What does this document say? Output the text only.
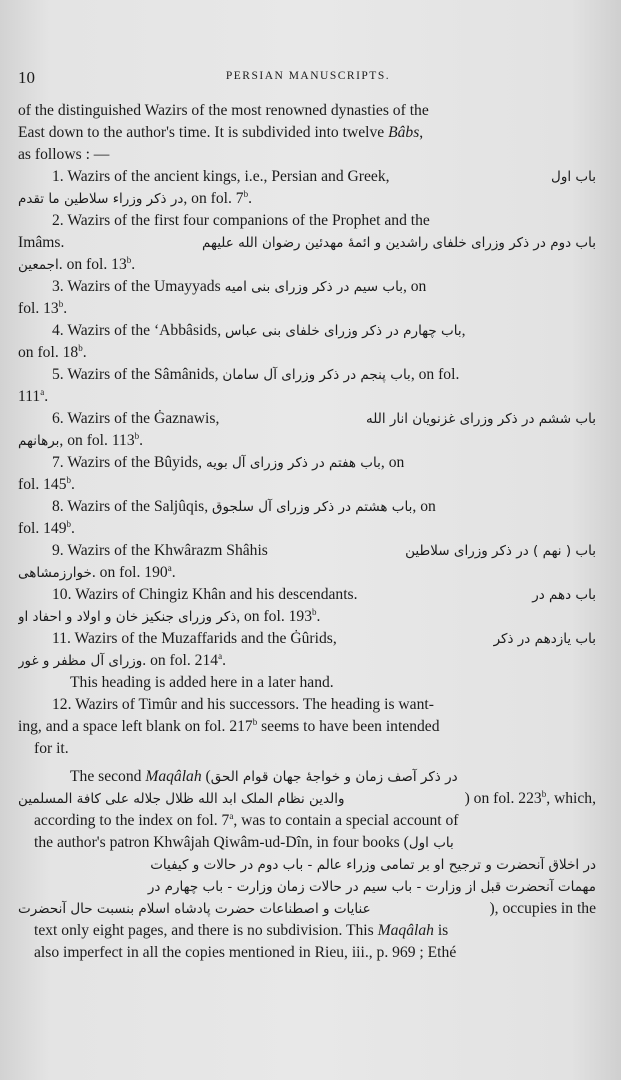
10	PERSIAN MANUSCRIPTS.
of the distinguished Wazirs of the most renowned dynasties of the
East down to the author's time. It is subdivided into twelve Bâbs,
as follows : —
1. Wazirs of the ancient kings, i.e., Persian and Greek,	باب اول
در ذکر وزراء سلاطین ما تقدم, on fol. 7$^b$.
2. Wazirs of the first four companions of the Prophet and the
Imâms.	باب دوم در ذکر وزرای خلفای راشدین و ائمهٔ مهدئین رضوان الله علیهم
اجمعین. on fol. 13$^b$.
3. Wazirs of the Umayyads باب سیم در ذکر وزرای بنی امیه, on
fol. 13$^b$.
4. Wazirs of the ‘Abbâsids, باب چهارم در ذکر وزرای خلفای بنی عباس,
on fol. 18$^b$.
5. Wazirs of the Sâmânids, باب پنجم در ذکر وزرای آل سامان, on fol.
111$^a$.
6. Wazirs of the Ġaznawis,	باب ششم در ذکر وزرای غزنویان انار الله
برهانهم, on fol. 113$^b$.
7. Wazirs of the Bûyids, باب هفتم در ذکر وزرای آل بویه, on
fol. 145$^b$.
8. Wazirs of the Saljûqis, باب هشتم در ذکر وزرای آل سلجوق, on
fol. 149$^b$.
9. Wazirs of the Khwârazm Shâhis	باب ( نهم ) در ذکر وزرای سلاطین
خوارزمشاهی. on fol. 190$^a$.
10. Wazirs of Chingiz Khân and his descendants.	باب دهم در
ذکر وزرای جنکیز خان و اولاد و احفاد او, on fol. 193$^b$.
11. Wazirs of the Muzaffarids and the Ġûrids,	باب یازدهم در ذکر
وزرای آل مظفر و غور. on fol. 214$^a$.
This heading is added here in a later hand.
12. Wazirs of Timûr and his successors. The heading is want-
ing, and a space left blank on fol. 217$^b$ seems to have been intended
for it.
The second Maqâlah (در ذکر آصف زمان و خواجهٔ جهان قوام الحق
والدین نظام الملک ابد الله ظلال جلاله علی کافة المسلمین	) on fol. 223$^b$, which,
according to the index on fol. 7$^a$, was to contain a special account of
the author's patron Khwâjah Qiwâm-ud-Dîn, in four books (باب اول
در اخلاق آنحضرت و ترجیح او بر تمامی وزراء عالم - باب دوم در حالات و کیفیات
مهمات آنحضرت قبل از وزارت - باب سیم در حالات زمان وزارت - باب چهارم در
عنایات و اصطناعات حضرت پادشاه اسلام بنسبت حال آنحضرت	), occupies in the
text only eight pages, and there is no subdivision. This Maqâlah is
also imperfect in all the copies mentioned in Rieu, iii., p. 969 ; Ethé
